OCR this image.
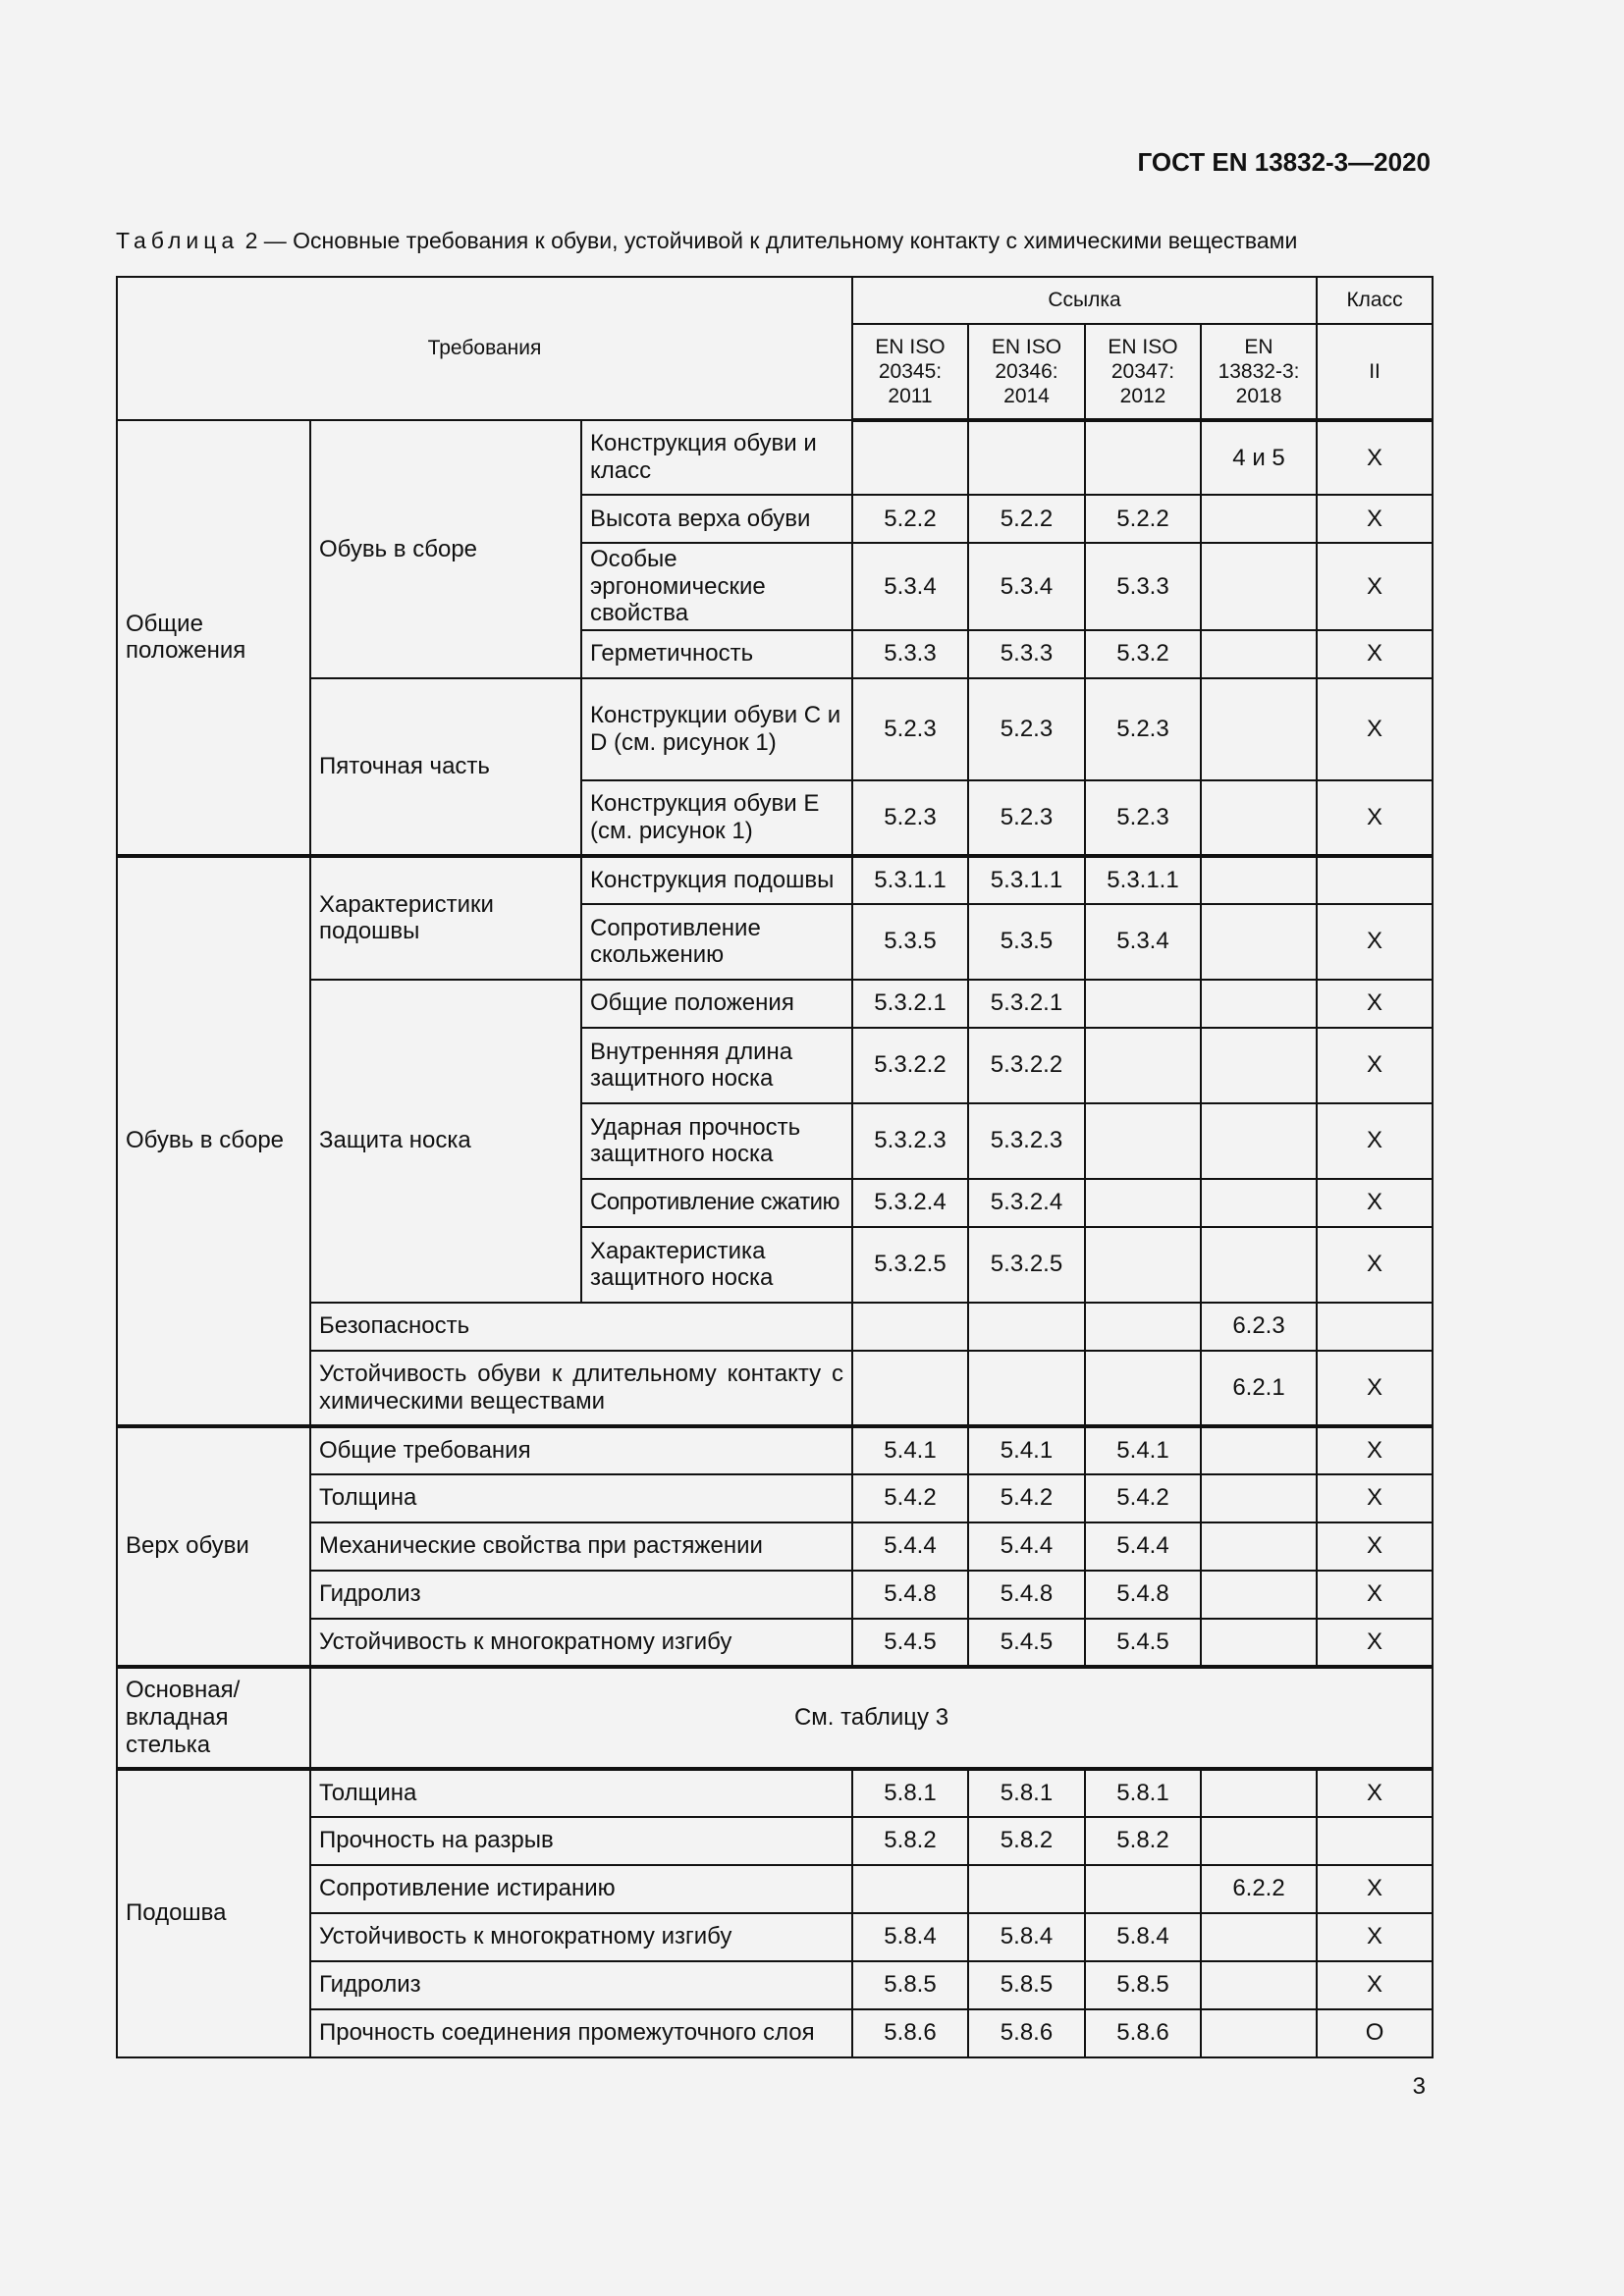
ГОСТ EN 13832-3—2020
Таблица 2 — Основные требования к обуви, устойчивой к длительному контакту с химическими веществами
Требования			Ссылка				Класс
			EN ISO 20345: 2011	EN ISO 20346: 2014	EN ISO 20347: 2012	EN 13832-3: 2018	II
Общие положения	Обувь в сборе	Конструкция обуви и класс				4 и 5	X
		Высота верха обуви	5.2.2	5.2.2	5.2.2		X
		Особые эргономические свойства	5.3.4	5.3.4	5.3.3		X
		Герметичность	5.3.3	5.3.3	5.3.2		X
	Пяточная часть	Конструкции обуви C и D (см. рисунок 1)	5.2.3	5.2.3	5.2.3		X
		Конструкция обуви Е (см. рисунок 1)	5.2.3	5.2.3	5.2.3		X
Обувь в сборе	Характеристики подошвы	Конструкция подошвы	5.3.1.1	5.3.1.1	5.3.1.1		
		Сопротивление скольжению	5.3.5	5.3.5	5.3.4		X
	Защита носка	Общие положения	5.3.2.1	5.3.2.1			X
		Внутренняя длина защитного носка	5.3.2.2	5.3.2.2			X
		Ударная прочность защитного носка	5.3.2.3	5.3.2.3			X
		Сопротивление сжатию	5.3.2.4	5.3.2.4			X
		Характеристика защитного носка	5.3.2.5	5.3.2.5			X
	Безопасность					6.2.3	
	Устойчивость обуви к длительному контакту с химическими веществами					6.2.1	X
Верх обуви	Общие требования		5.4.1	5.4.1	5.4.1		X
	Толщина		5.4.2	5.4.2	5.4.2		X
	Механические свойства при растяжении		5.4.4	5.4.4	5.4.4		X
	Гидролиз		5.4.8	5.4.8	5.4.8		X
	Устойчивость к многократному изгибу		5.4.5	5.4.5	5.4.5		X
Основная/ вкладная стелька	См. таблицу 3						
Подошва	Толщина		5.8.1	5.8.1	5.8.1		X
	Прочность на разрыв		5.8.2	5.8.2	5.8.2		
	Сопротивление истиранию					6.2.2	X
	Устойчивость к многократному изгибу		5.8.4	5.8.4	5.8.4		X
	Гидролиз		5.8.5	5.8.5	5.8.5		X
	Прочность соединения промежуточного слоя		5.8.6	5.8.6	5.8.6		O
3
